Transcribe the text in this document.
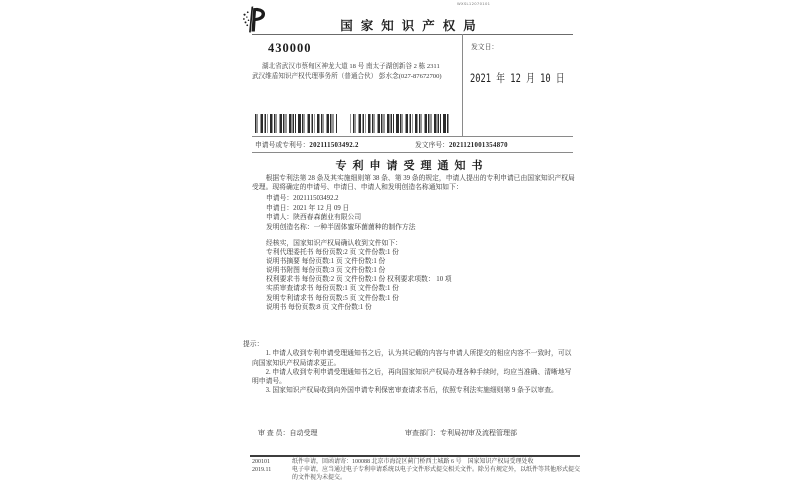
WXSL12070101
国家知识产权局
430000
湖北省武汉市蔡甸区神龙大道 18 号 南太子湖创新谷 2 栋 2311
武汉维盾知识产权代理事务所（普通合伙） 彭水念(027-87672700)
发文日：
2021 年 12 月 10 日
申请号或专利号：202111503492.2	发文序号：2021121001354870
专利申请受理通知书

根据专利法第 28 条及其实施细则第 38 条、第 39 条的规定，申请人提出的专利申请已由国家知识产权局受理。现将确定的申请号、申请日、申请人和发明创造名称通知如下：

申请号：202111503492.2
申请日：2021 年 12 月 09 日
申请人：陕西春森菌业有限公司
发明创造名称：一种半固体蜜环菌菌种的制作方法
经核实，国家知识产权局确认收到文件如下：
专利代理委托书 每份页数:2 页 文件份数:1 份
说明书摘要 每份页数:1 页 文件份数:1 份
说明书附图 每份页数:3 页 文件份数:1 份
权利要求书 每份页数:2 页 文件份数:1 份 权利要求项数： 10 项
实质审查请求书 每份页数:1 页 文件份数:1 份
发明专利请求书 每份页数:5 页 文件份数:1 份
说明书 每份页数:8 页 文件份数:1 份
提示：

1. 申请人收到专利申请受理通知书之后，认为其记载的内容与申请人所提交的相应内容不一致时，可以向国家知识产权局请求更正。

2. 申请人收到专利申请受理通知书之后，再向国家知识产权局办理各种手续时，均应当准确、清晰地写明申请号。

3. 国家知识产权局收到向外国申请专利保密审查请求书后，依照专利法实施细则第 9 条予以审查。

审 查 员：自动受理	审查部门：专利局初审及流程管理部
200101
2019.11
纸件申请，回函请寄：100088 北京市海淀区蓟门桥西土城路 6 号　国家知识产权局受理处收
电子申请，应当通过电子专利申请系统以电子文件形式提交相关文件。除另有规定外，以纸件等其他形式提交的文件视为未提交。
